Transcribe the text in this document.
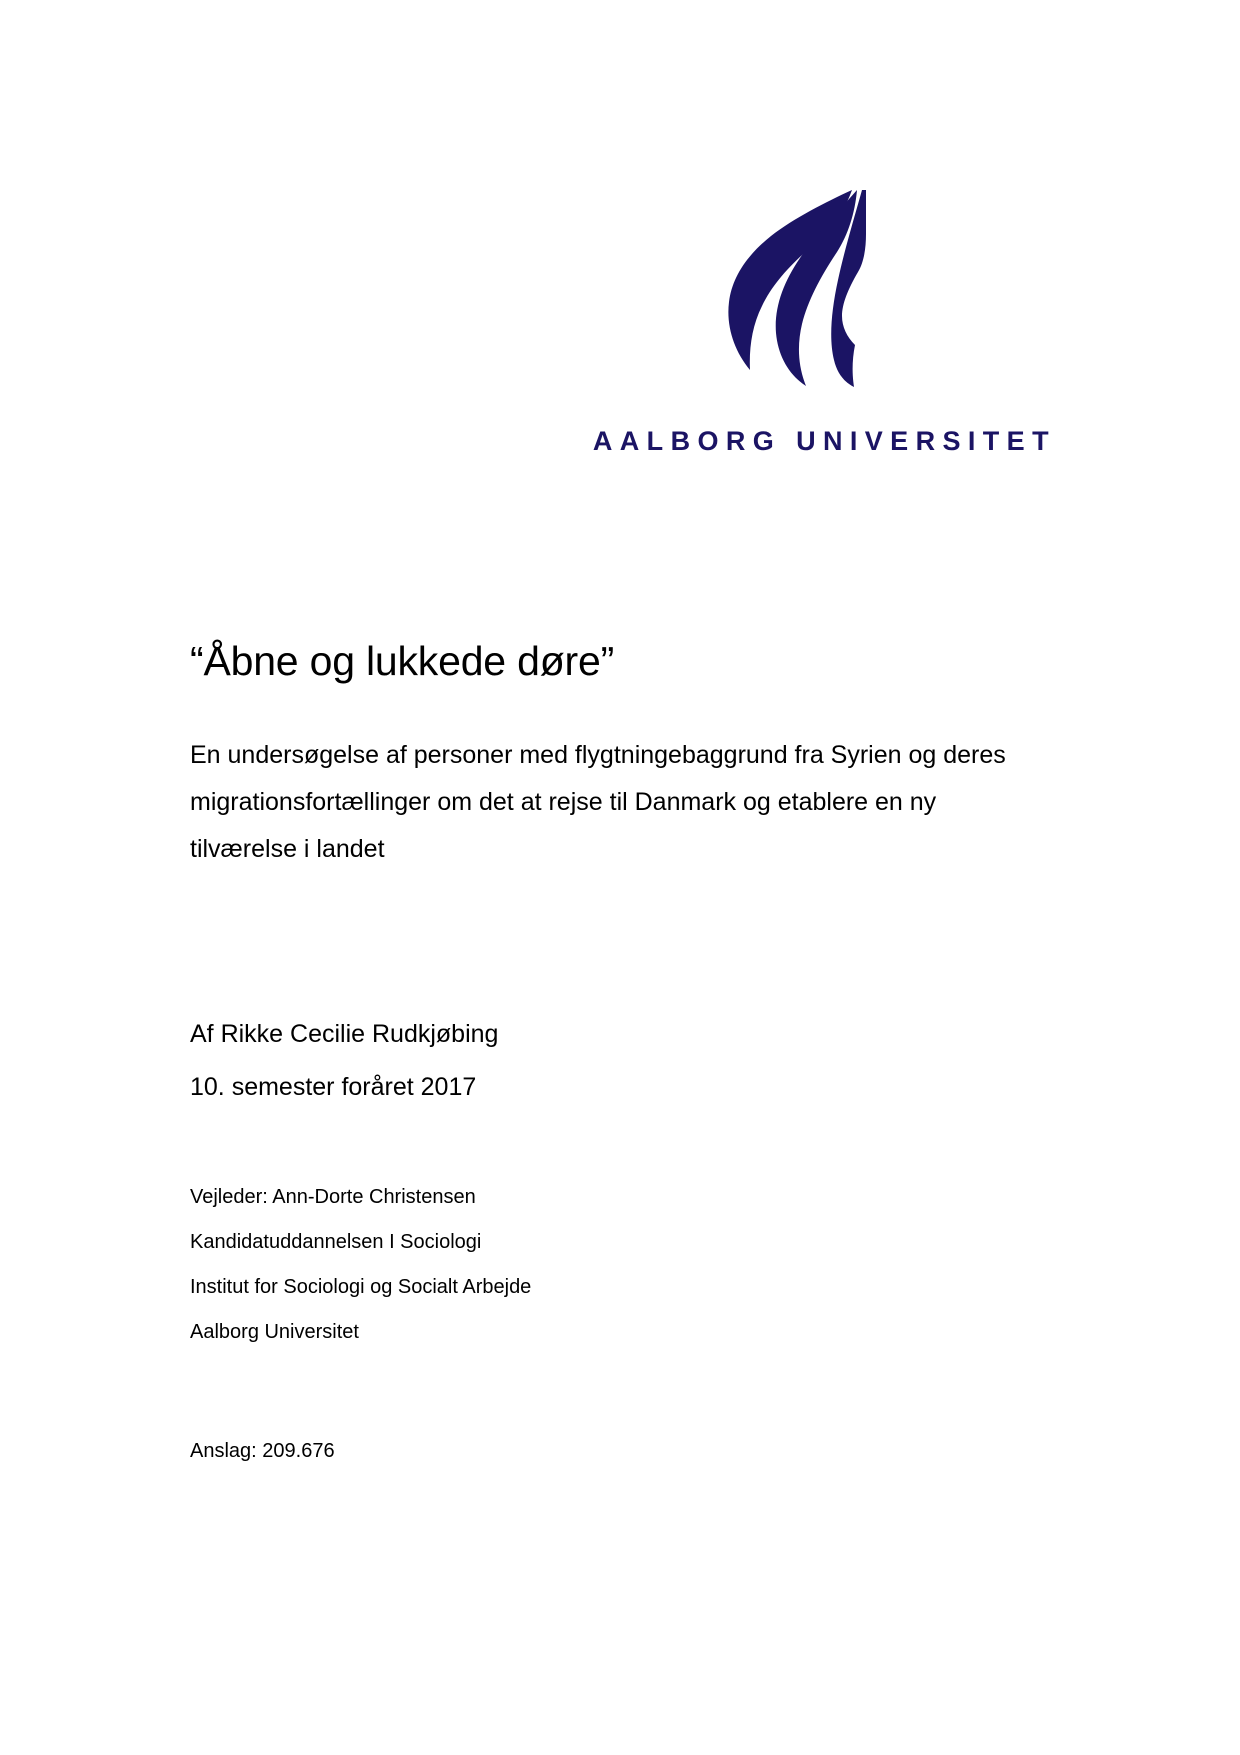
AALBORG UNIVERSITET
“Åbne og lukkede døre”
En undersøgelse af personer med flygtningebaggrund fra Syrien og deres
migrationsfortællinger om det at rejse til Danmark og etablere en ny
tilværelse i landet
Af Rikke Cecilie Rudkjøbing
10. semester foråret 2017
Vejleder: Ann-Dorte Christensen
Kandidatuddannelsen I Sociologi
Institut for Sociologi og Socialt Arbejde
Aalborg Universitet
Anslag: 209.676
